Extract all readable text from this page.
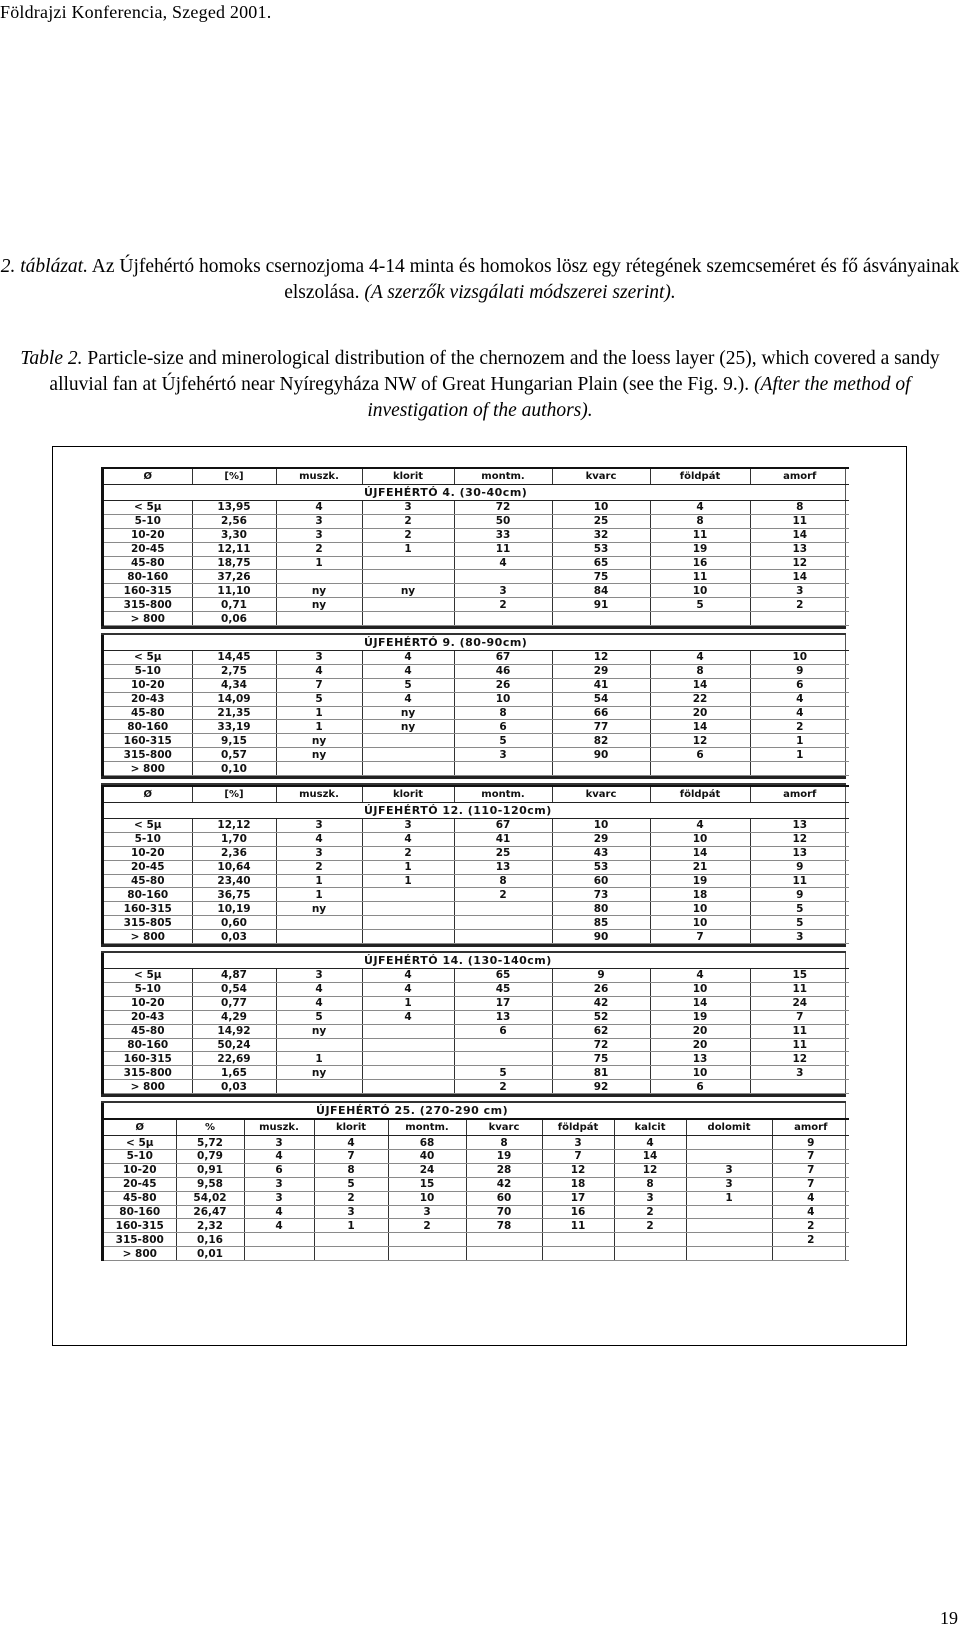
Földrajzi Konferencia, Szeged 2001.
2. táblázat. Az Újfehértó homoks csernozjoma 4-14 minta és homokos lösz egy rétegének szemcseméret és fő ásványainak elszolása. (A szerzők vizsgálati módszerei szerint).
Table 2. Particle-size and minerological distribution of the chernozem and the loess layer (25), which covered a sandy alluvial fan at Újfehértó near Nyíregyháza NW of Great Hungarian Plain (see the Fig. 9.). (After the method of investigation of the authors).
Ø	[%]	muszk.	klorit	montm.	kvarc	földpát	amorf
			ÚJFEHÉRTÓ 4. (30-40cm)				
< 5µ	13,95	4	3	72	10	4	8
5-10	2,56	3	2	50	25	8	11
10-20	3,30	3	2	33	32	11	14
20-45	12,11	2	1	11	53	19	13
45-80	18,75	1		4	65	16	12
80-160	37,26				75	11	14
160-315	11,10	ny	ny	3	84	10	3
315-800	0,71	ny		2	91	5	2
> 800	0,06						
			ÚJFEHÉRTÓ 9. (80-90cm)				
< 5µ	14,45	3	4	67	12	4	10
5-10	2,75	4	4	46	29	8	9
10-20	4,34	7	5	26	41	14	6
20-43	14,09	5	4	10	54	22	4
45-80	21,35	1	ny	8	66	20	4
80-160	33,19	1	ny	6	77	14	2
160-315	9,15	ny		5	82	12	1
315-800	0,57	ny		3	90	6	1
> 800	0,10						
Ø	[%]	muszk.	klorit	montm.	kvarc	földpát	amorf
			ÚJFEHÉRTÓ 12. (110-120cm)				
< 5µ	12,12	3	3	67	10	4	13
5-10	1,70	4	4	41	29	10	12
10-20	2,36	3	2	25	43	14	13
20-45	10,64	2	1	13	53	21	9
45-80	23,40	1	1	8	60	19	11
80-160	36,75	1		2	73	18	9
160-315	10,19	ny			80	10	5
315-805	0,60				85	10	5
> 800	0,03				90	7	3
			ÚJFEHÉRTÓ 14. (130-140cm)				
< 5µ	4,87	3	4	65	9	4	15
5-10	0,54	4	4	45	26	10	11
10-20	0,77	4	1	17	42	14	24
20-43	4,29	5	4	13	52	19	7
45-80	14,92	ny		6	62	20	11
80-160	50,24				72	20	11
160-315	22,69	1			75	13	12
315-800	1,65	ny		5	81	10	3
> 800	0,03			2	92	6	
			ÚJFEHÉRTÓ 25. (270-290 cm)						
Ø	%	muszk.	klorit	montm.	kvarc	földpát	kalcit	dolomit	amorf
< 5µ	5,72	3	4	68	8	3	4		9
5-10	0,79	4	7	40	19	7	14		7
10-20	0,91	6	8	24	28	12	12	3	7
20-45	9,58	3	5	15	42	18	8	3	7
45-80	54,02	3	2	10	60	17	3	1	4
80-160	26,47	4	3	3	70	16	2		4
160-315	2,32	4	1	2	78	11	2		2
315-800	0,16								2
> 800	0,01								
19
